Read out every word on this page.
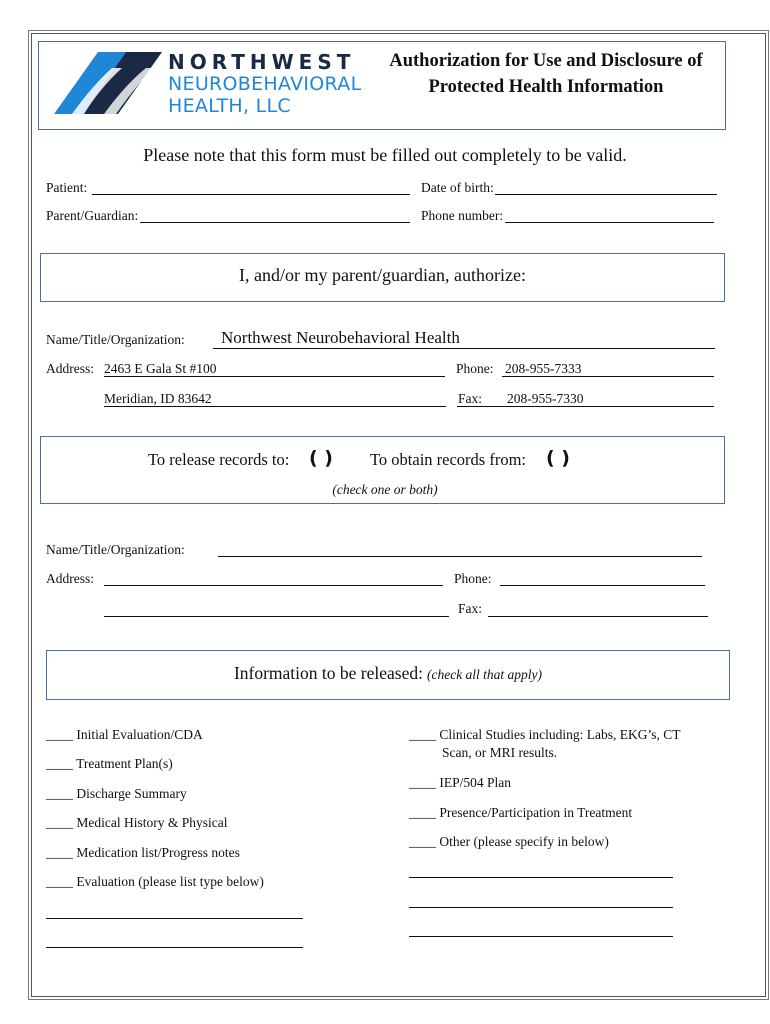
NORTHWEST
NEUROBEHAVIORAL
HEALTH, LLC
Authorization for Use and Disclosure of
Protected Health Information
Please note that this form must be filled out completely to be valid.
Patient:	Date of birth:
Parent/Guardian:	Phone number:
I, and/or my parent/guardian, authorize:
Name/Title/Organization: Northwest Neurobehavioral Health
Address: 2463 E Gala St #100	Phone: 208-955-7333
Meridian, ID 83642	Fax: 208-955-7330
To release records to: ( ) To obtain records from: ( )
(check one or both)
Name/Title/Organization:
Address:	Phone:
Fax:
Information to be released: (check all that apply)
____ Initial Evaluation/CDA
____ Treatment Plan(s)
____ Discharge Summary
____ Medical History & Physical
____ Medication list/Progress notes
____ Evaluation (please list type below)
____ Clinical Studies including: Labs, EKG’s, CT
Scan, or MRI results.
____ IEP/504 Plan
____ Presence/Participation in Treatment
____ Other (please specify in below)
